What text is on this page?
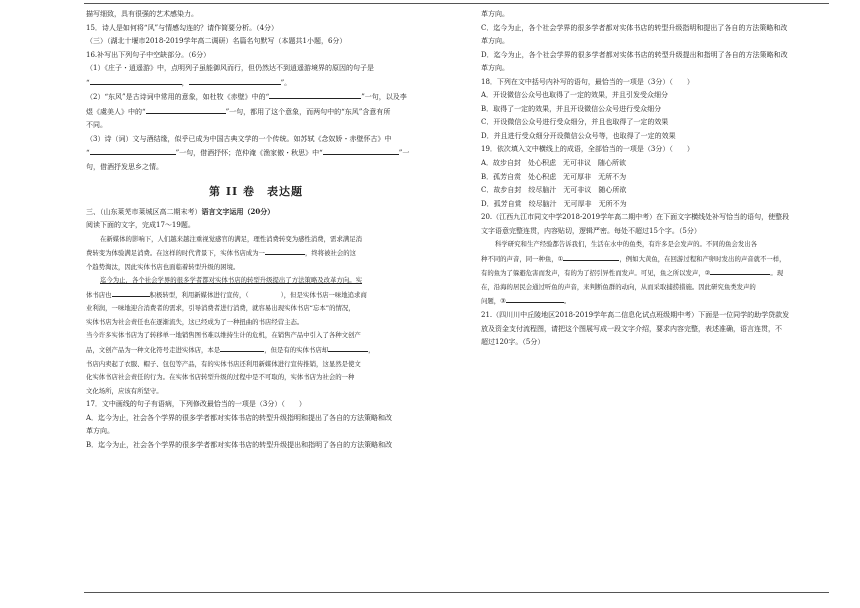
描写细致，具有很强的艺术感染力。

15．诗人是如何将“风”与情感勾连的？请作简要分析。（4分）

（三）（湖北十堰市2018-2019学年高二调研）名篇名句默写（本题共1小题，6分）

16.补写出下列句子中空缺部分。（6分）

（1）《庄子・逍遥游》中，点明列子虽能御风而行，但仍然达不到逍遥游境界的原因的句子是

“	，	”。

（2）“东风”是古诗词中常用的意象，如杜牧《赤壁》中的“	”一句，以及李

煜《虞美人》中的“	”一句，都用了这个意象，而两句中的“东风”含意有所

不同。

（3）诗（词）文与酒结缘，似乎已成为中国古典文学的一个传统。如苏轼《念奴娇・赤壁怀古》中

“	”一句，借酒抒怀；范仲淹《渔家傲・秋思》中“	”一

句，借酒抒发思乡之情。

第 II 卷　表达题

三、（山东莱芜市莱城区高二期末考）语言文字运用（20分）

阅读下面的文字，完成17～19题。

在新媒体的影响下，人们越来越注重视觉感官的满足，理性消费转变为感性消费，需求满足消

费转变为体验满足消费。在这样的时代背景下，实体书店成为一	，终将被社会的这

个趋势淘汰，因此实体书店也面临着转型升级的困境。

迄今为止，各个社会学界的很多学者都对实体书店的转型升级提出了方法策略及改革方向。实

体书店也	积极转型，利用新媒体进行宣传，（　　　　　），但是实体书店一味地追求商

业利润，一味地迎合消费者的需求，引导消费者进行消费，就容易出现实体书店“忘本”的情况，

实体书店为社会责任也在逐渐流失，这已经成为了一种扭曲的书店经营主态。

当今许多实体书店为了转移单一地销售图书难以维持生计的危机，在销售产品中引入了各种文创产

品，文创产品为一种文化符号走进实体店，本是	，但是有的实体书店却	，

书店内卖起了衣服、帽子、包包等产品，有的实体书店还利用新媒体进行宣传推销，这显然是使文

化实体书店社会责任的行为。在实体书店转型升级的过程中是不可取的，实体书店为社会的一种

文化场所，应该有所坚守。

17．文中画线的句子有语病，下列修改最恰当的一项是（3分）（　　）

A．迄今为止，社会各个学界的很多学者都对实体书店的转型升级指明和提出了各自的方法策略和改

革方向。

B．迄今为止，社会各个学界的很多学者都对实体书店的转型升级提出和指明了各自的方法策略和改

革方向。

C．迄今为止，各个社会学界的很多学者都对实体书店的转型升级指明和提出了各自的方法策略和改

革方向。

D．迄今为止，各个社会学界的很多学者都对实体书店的转型升级提出和指明了各自的方法策略和改

革方向。

18．下列在文中括号内补写的语句，最恰当的一项是（3分）（　　）

A．开设微信公众号也取得了一定的效果，并且引发受众细分

B．取得了一定的效果，并且开设微信公众号进行受众细分

C．开设微信公众号进行受众细分，并且也取得了一定的效果

D．并且进行受众细分开设微信公众号等，也取得了一定的效果

19．依次填入文中横线上的成语，全部恰当的一项是（3分）（　　）

A．故步自封　处心积虑　无可非议　随心所欲

B．孤芳自赏　处心积虑　无可厚非　无所不为

C．故步自封　绞尽脑汁　无可非议　随心所欲

D．孤芳自赏　绞尽脑汁　无可厚非　无所不为

20.（江西九江市同文中学2018-2019学年高二期中考）在下面文字横线处补写恰当的语句，使整段

文字语意完整连贯，内容贴切，逻辑严密。每处不超过15个字。（5分）

科学研究和生产经验都告诉我们，生活在水中的鱼类，有许多是会发声的。不同的鱼会发出各

种不同的声音，同一种鱼，①	，例如大黄鱼，在回游过程和产卵时发出的声音就不一样，

有的鱼为了躲避危害而发声，有的为了招引异性而发声。可见，鱼之所以发声，②	。现

在，沿海的居民会通过听鱼的声音，来判断鱼群的动向，从而采取捕捞措施。因此研究鱼类发声的

问题，③	。

21.（四川川中丘陵地区2018-2019学年高二信息化试点班级期中考）下面是一位同学的助学贷款发

放及资金支付流程图，请把这个图展写成一段文字介绍，要求内容完整，表述准确，语言连贯，不

超过120字。（5分）
